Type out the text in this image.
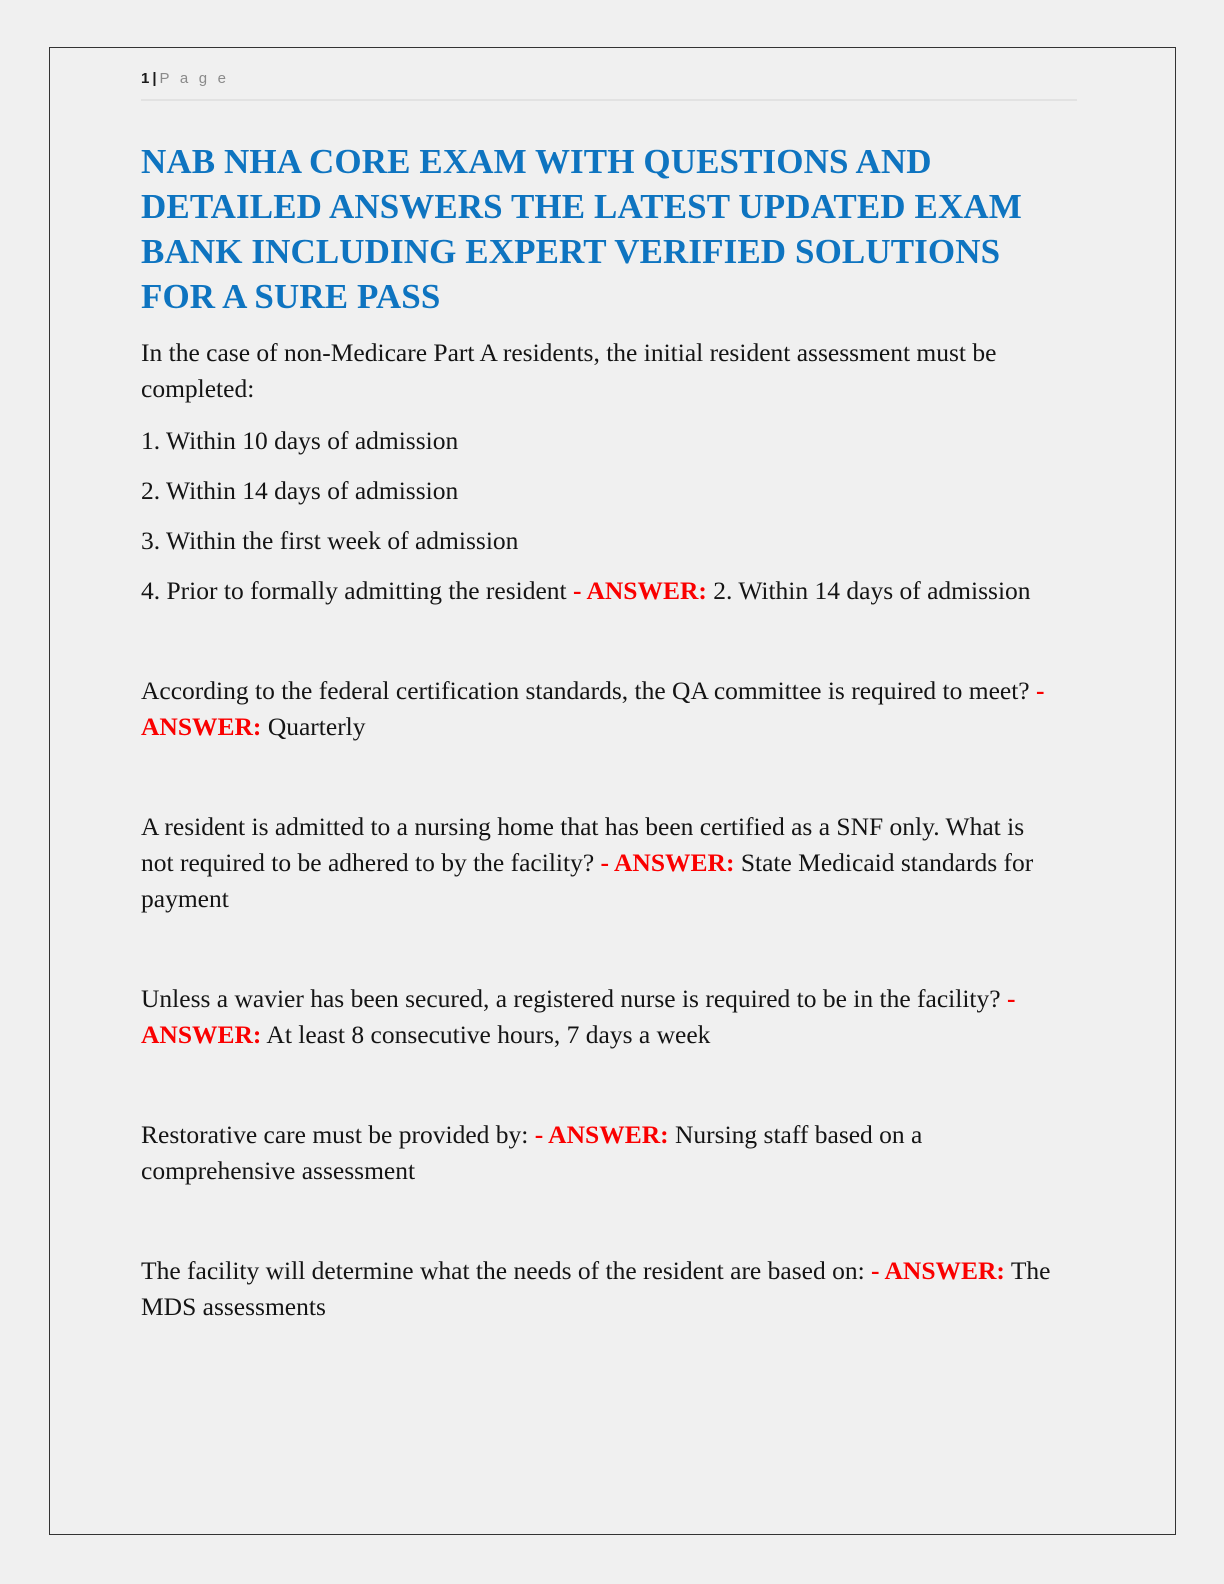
1 | P a g e
NAB NHA CORE EXAM WITH QUESTIONS AND DETAILED ANSWERS THE LATEST UPDATED EXAM BANK INCLUDING EXPERT VERIFIED SOLUTIONS FOR A SURE PASS

In the case of non-Medicare Part A residents, the initial resident assessment must be completed:

1. Within 10 days of admission

2. Within 14 days of admission

3. Within the first week of admission

4. Prior to formally admitting the resident - ANSWER: 2. Within 14 days of admission

According to the federal certification standards, the QA committee is required to meet? - ANSWER: Quarterly

A resident is admitted to a nursing home that has been certified as a SNF only. What is not required to be adhered to by the facility? - ANSWER: State Medicaid standards for payment

Unless a wavier has been secured, a registered nurse is required to be in the facility? - ANSWER: At least 8 consecutive hours, 7 days a week

Restorative care must be provided by: - ANSWER: Nursing staff based on a comprehensive assessment

The facility will determine what the needs of the resident are based on: - ANSWER: The MDS assessments
